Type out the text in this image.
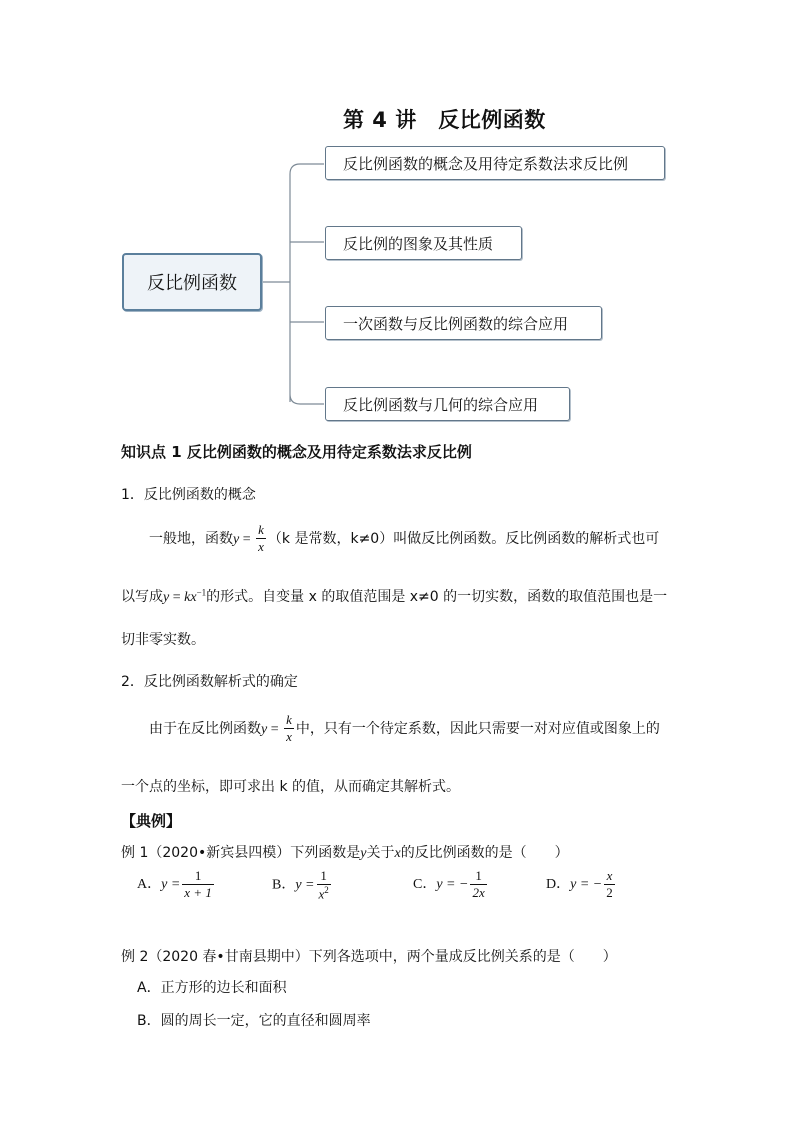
第 4 讲　反比例函数
反比例函数
反比例函数的概念及用待定系数法求反比例
反比例的图象及其性质
一次函数与反比例函数的综合应用
反比例函数与几何的综合应用
知识点 1 反比例函数的概念及用待定系数法求反比例
1．反比例函数的概念
一般地，函数$y = \frac{k}{x} (k$ 是常数，k≠0）叫做反比例函数。反比例函数的解析式也可
以写成$y = kx^{-1}$的形式。自变量 x 的取值范围是 x≠0 的一切实数，函数的取值范围也是一
切非零实数。
2．反比例函数解析式的确定
由于在反比例函数$y = \frac{k}{x}$ 中，只有一个待定系数，因此只需要一对对应值或图象上的
一个点的坐标，即可求出 k 的值，从而确定其解析式。
【典例】
例 1（2020•新宾县四模）下列函数是y关于x的反比例函数的是（　　）
A．$y = \frac{1}{x + 1}$	B．$y = \frac{1}{x^2}$	C．y = − $\frac{1}{2x}$	D．y = − $\frac{x}{2}$
例 2（2020 春•甘南县期中）下列各选项中，两个量成反比例关系的是（　　）
A．正方形的边长和面积
B．圆的周长一定，它的直径和圆周率
